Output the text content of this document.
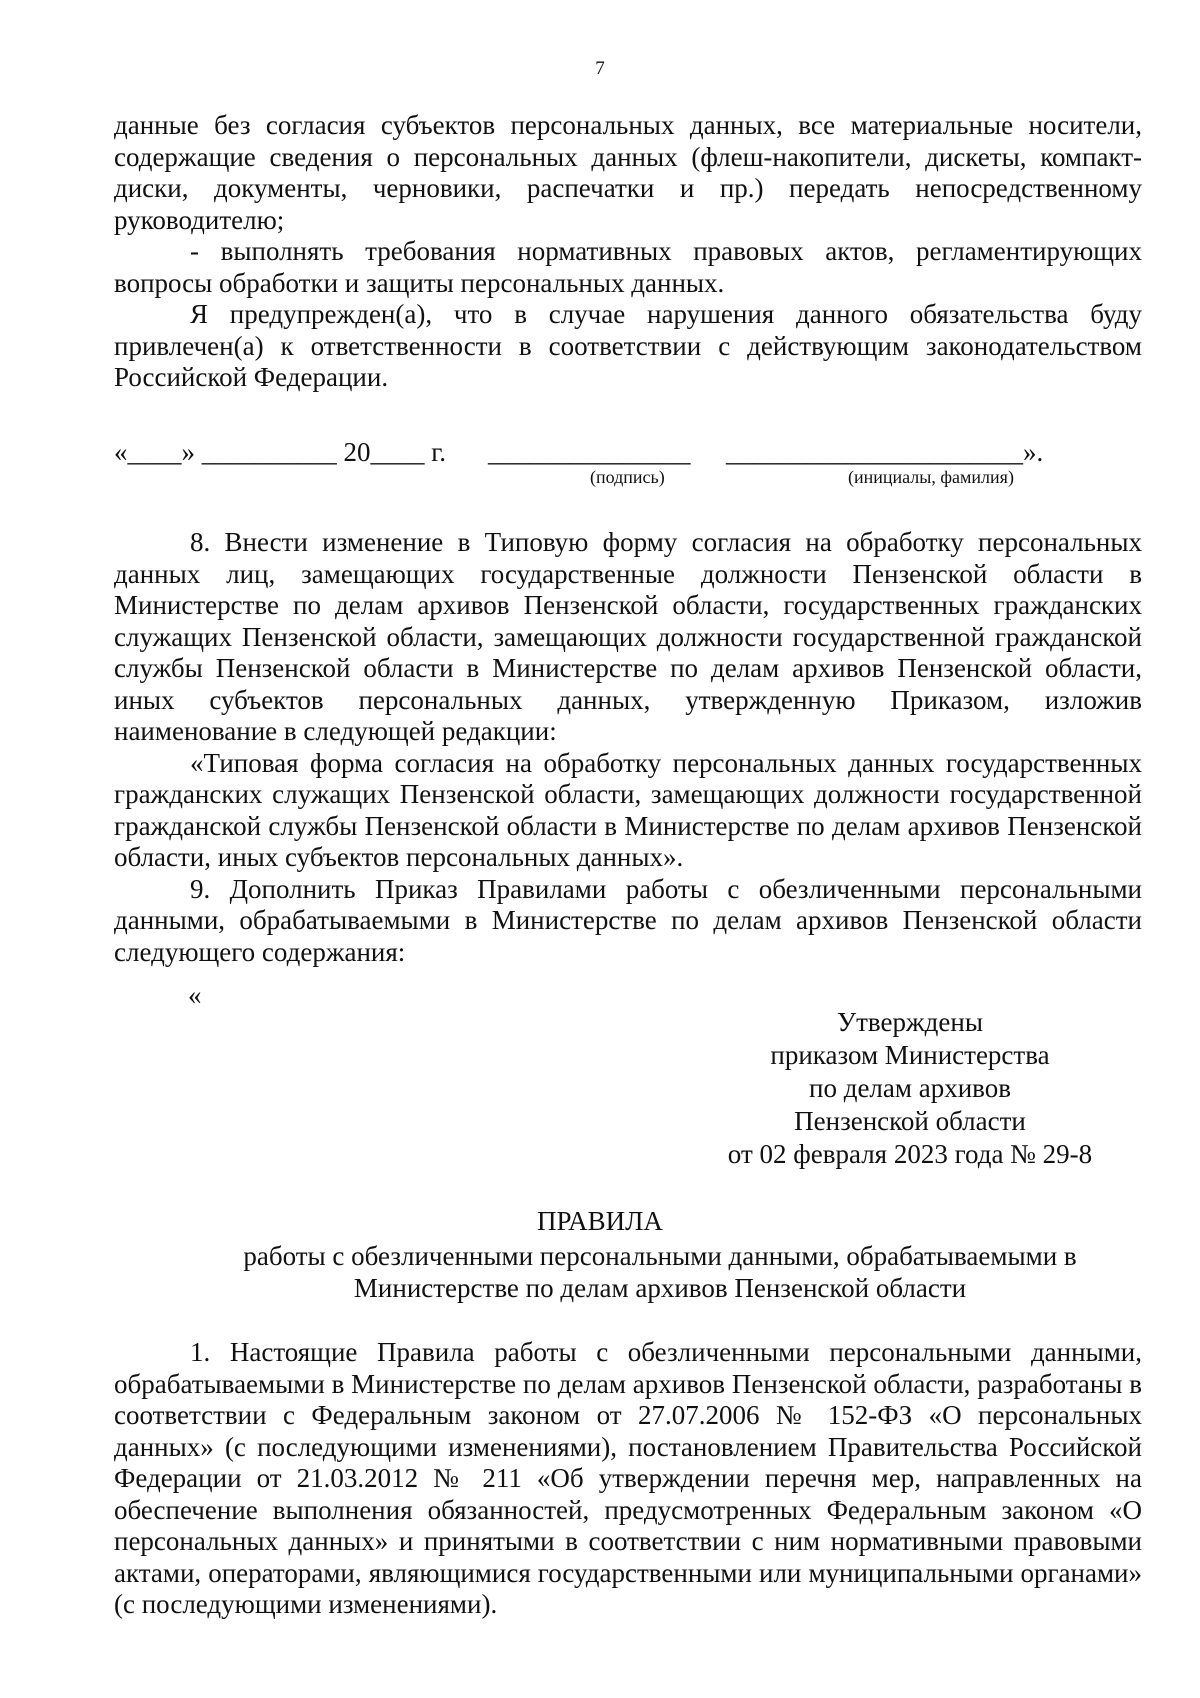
7

данные без согласия субъектов персональных данных, все материальные носители, содержащие сведения о персональных данных (флеш-накопители, дискеты, компакт-диски, документы, черновики, распечатки и пр.) передать непосредственному руководителю;

- выполнять требования нормативных правовых актов, регламентирующих вопросы обработки и защиты персональных данных.

Я предупрежден(а), что в случае нарушения данного обязательства буду привлечен(а) к ответственности в соответствии с действующим законодательством Российской Федерации.

«____» __________ 20____ г. _______________ ______________________».
(подпись)	(инициалы, фамилия)

8. Внести изменение в Типовую форму согласия на обработку персональных данных лиц, замещающих государственные должности Пензенской области в Министерстве по делам архивов Пензенской области, государственных гражданских служащих Пензенской области, замещающих должности государственной гражданской службы Пензенской области в Министерстве по делам архивов Пензенской области, иных субъектов персональных данных, утвержденную Приказом, изложив наименование в следующей редакции:

«Типовая форма согласия на обработку персональных данных государственных гражданских служащих Пензенской области, замещающих должности государственной гражданской службы Пензенской области в Министерстве по делам архивов Пензенской области, иных субъектов персональных данных».

9. Дополнить Приказ Правилами работы с обезличенными персональными данными, обрабатываемыми в Министерстве по делам архивов Пензенской области следующего содержания:

«
Утверждены
приказом Министерства
по делам архивов
Пензенской области
от 02 февраля 2023 года № 29-8
ПРАВИЛА
работы с обезличенными персональными данными, обрабатываемыми в Министерстве по делам архивов Пензенской области

1. Настоящие Правила работы с обезличенными персональными данными, обрабатываемыми в Министерстве по делам архивов Пензенской области, разработаны в соответствии с Федеральным законом от 27.07.2006 № 152-ФЗ «О персональных данных» (с последующими изменениями), постановлением Правительства Российской Федерации от 21.03.2012 № 211 «Об утверждении перечня мер, направленных на обеспечение выполнения обязанностей, предусмотренных Федеральным законом «О персональных данных» и принятыми в соответствии с ним нормативными правовыми актами, операторами, являющимися государственными или муниципальными органами» (с последующими изменениями).
